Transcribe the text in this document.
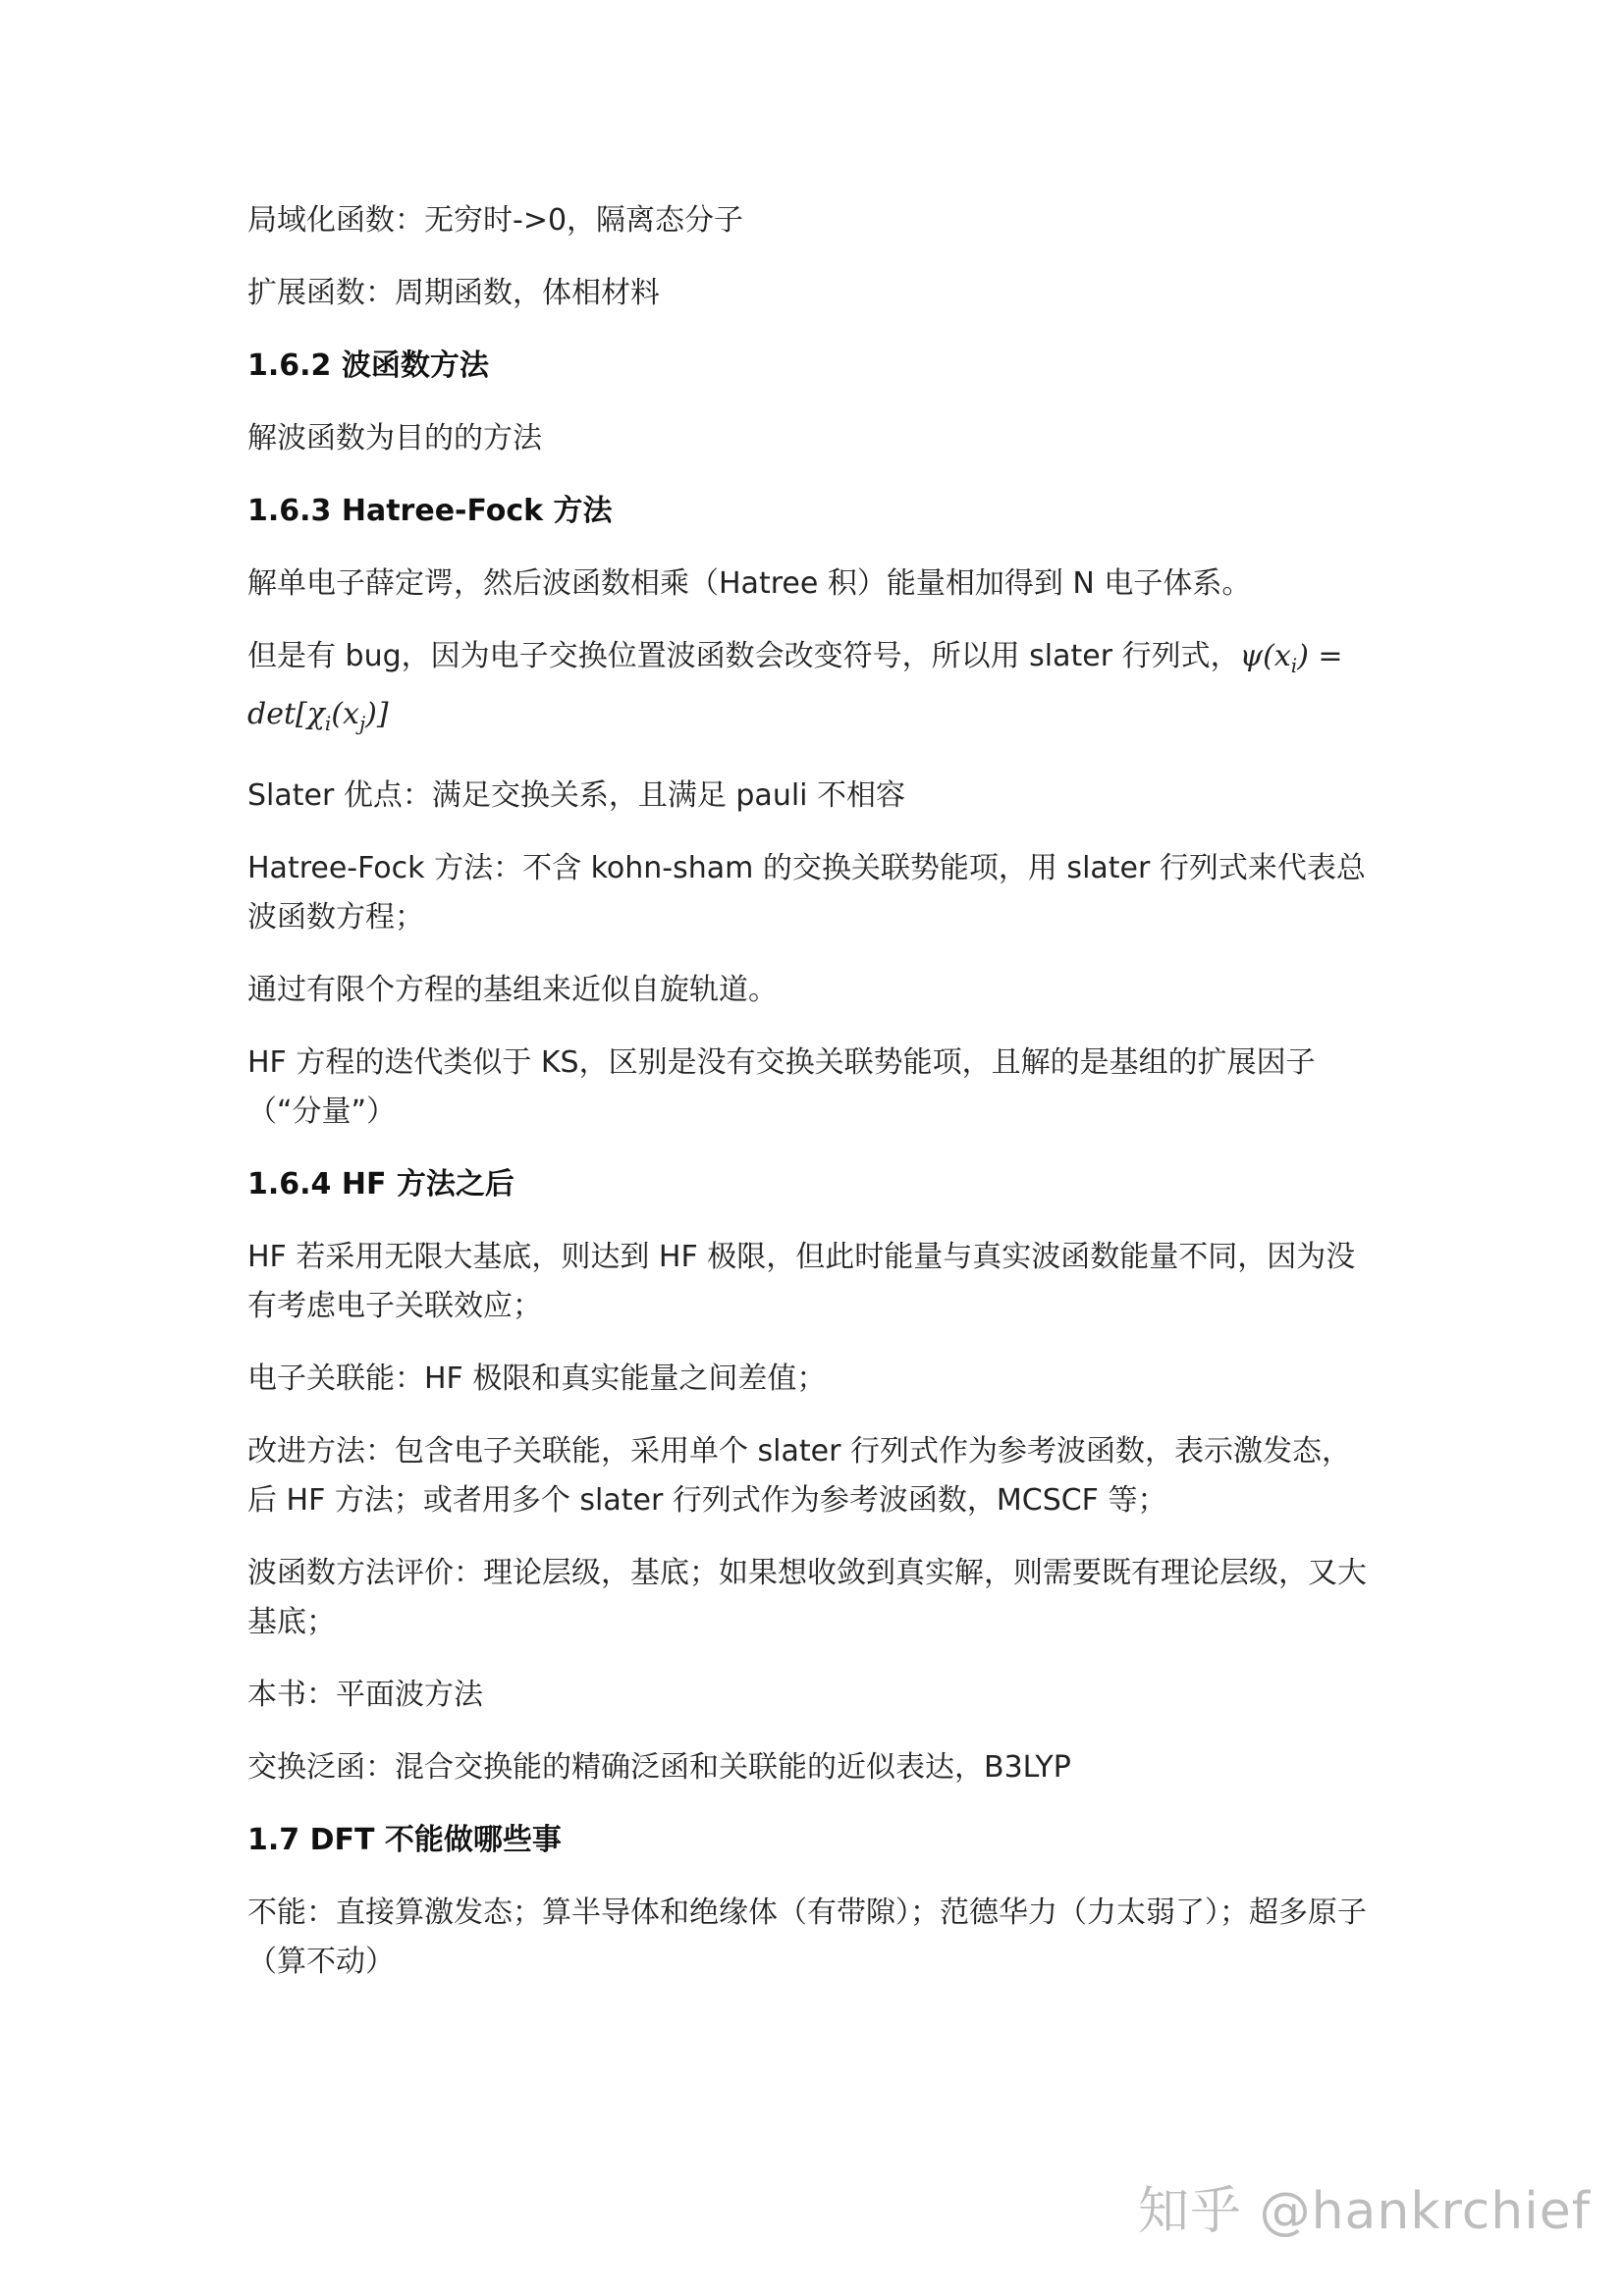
局域化函数：无穷时->0，隔离态分子

扩展函数：周期函数，体相材料

1.6.2 波函数方法

解波函数为目的的方法

1.6.3 Hatree-Fock 方法

解单电子薛定谔，然后波函数相乘（Hatree 积）能量相加得到 N 电子体系。

但是有 bug，因为电子交换位置波函数会改变符号，所以用 slater 行列式，$\psi(x_i)$ =
$\det[\chi_i(x_j)]$

Slater 优点：满足交换关系，且满足 pauli 不相容

Hatree-Fock 方法：不含 kohn-sham 的交换关联势能项，用 slater 行列式来代表总波函数方程；

通过有限个方程的基组来近似自旋轨道。

HF 方程的迭代类似于 KS，区别是没有交换关联势能项，且解的是基组的扩展因子（“分量”）

1.6.4 HF 方法之后

HF 若采用无限大基底，则达到 HF 极限，但此时能量与真实波函数能量不同，因为没有考虑电子关联效应；

电子关联能：HF 极限和真实能量之间差值；

改进方法：包含电子关联能，采用单个 slater 行列式作为参考波函数，表示激发态，后 HF 方法；或者用多个 slater 行列式作为参考波函数，MCSCF 等；

波函数方法评价：理论层级，基底；如果想收敛到真实解，则需要既有理论层级，又大基底；

本书：平面波方法

交换泛函：混合交换能的精确泛函和关联能的近似表达，B3LYP

1.7 DFT 不能做哪些事

不能：直接算激发态；算半导体和绝缘体（有带隙）；范德华力（力太弱了）；超多原子（算不动）

知乎 @hankrchief
